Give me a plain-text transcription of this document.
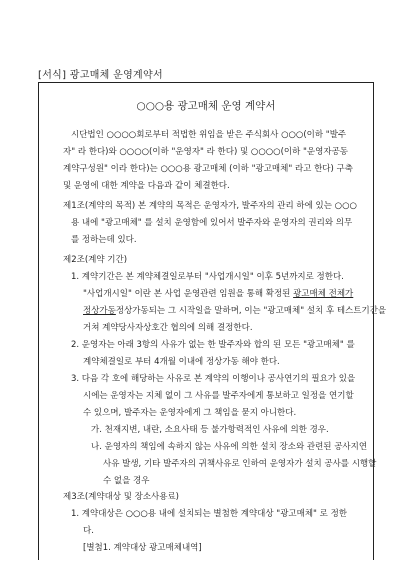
[서식] 광고매체 운영계약서
○○○용 광고매체 운영 계약서
시단법인 ○○○○회로부터 적법한 위임을 받은 주식회사 ○○○(이하 "발주
자" 라 한다)와 ○○○○(이하 "운영자" 라 한다) 및 ○○○○(이하 "운영자공동
계약구성원" 이라 한다)는 ○○○용 광고매체 (이하 "광고매체" 라고 한다) 구축
및 운영에 대한 계약을 다음과 같이 체결한다.
제1조(계약의 목적) 본 계약의 목적은 운영자가, 발주자의 관리 하에 있는 ○○○
용 내에 "광고매체" 를 설치 운영함에 있어서 발주자와 운영자의 권리와 의무
를 정하는데 있다.
제2조(계약 기간)
1. 계약기간은 본 계약체결일로부터 "사업개시일" 이후 5년까지로 정한다.
"사업개시일" 이란 본 사업 운영관련 임원을 통해 확정된 광고매체 전체가
정상가동정상가동되는 그 시작일을 말하며, 이는 "광고매체" 설치 후 테스트기간을
거쳐 계약당사자상호간 협의에 의해 결정한다.
2. 운영자는 아래 3항의 사유가 없는 한 발주자와 합의 된 모든 "광고매체" 를
계약체결일로 부터 4개월 이내에 정상가동 해야 한다.
3. 다음 각 호에 해당하는 사유로 본 계약의 이행이나 공사연기의 필요가 있을
시에는 운영자는 지체 없이 그 사유를 발주자에게 통보하고 일정을 연기할
수 있으며, 발주자는 운영자에게 그 책임을 묻지 아니한다.
가. 천재지변, 내란, 소요사태 등 불가항력적인 사유에 의한 경우.
나. 운영자의 책임에 속하지 않는 사유에 의한 설치 장소와 관련된 공사지연
사유 발생, 기타 발주자의 귀책사유로 인하여 운영자가 설치 공사를 시행할
수 없을 경우
제3조(계약대상 및 장소사용료)
1. 계약대상은 ○○○용 내에 설치되는 별첨한 계약대상 "광고매체" 로 정한
다.
[별첨1. 계약대상 광고매체내역]
